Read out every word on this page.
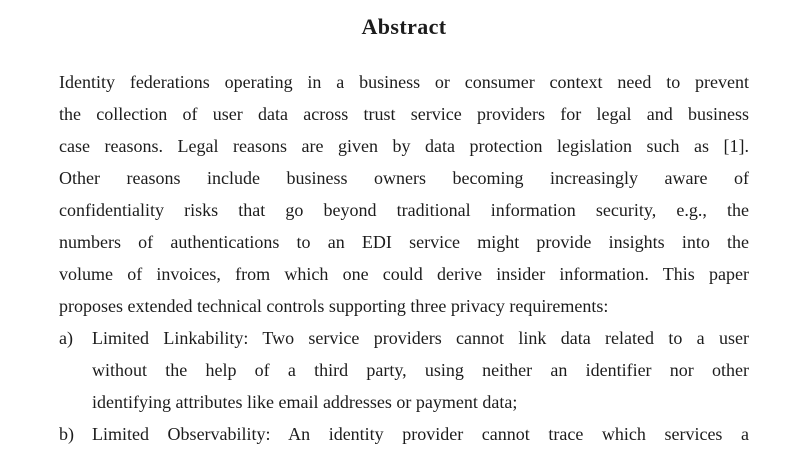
Abstract
Identity federations operating in a business or consumer context need to prevent
the collection of user data across trust service providers for legal and business
case reasons. Legal reasons are given by data protection legislation such as [1].
Other reasons include business owners becoming increasingly aware of
confidentiality risks that go beyond traditional information security, e.g., the
numbers of authentications to an EDI service might provide insights into the
volume of invoices, from which one could derive insider information. This paper
proposes extended technical controls supporting three privacy requirements:
a)	Limited Linkability: Two service providers cannot link data related to a user
without the help of a third party, using neither an identifier nor other
identifying attributes like email addresses or payment data;
b)	Limited Observability: An identity provider cannot trace which services a
